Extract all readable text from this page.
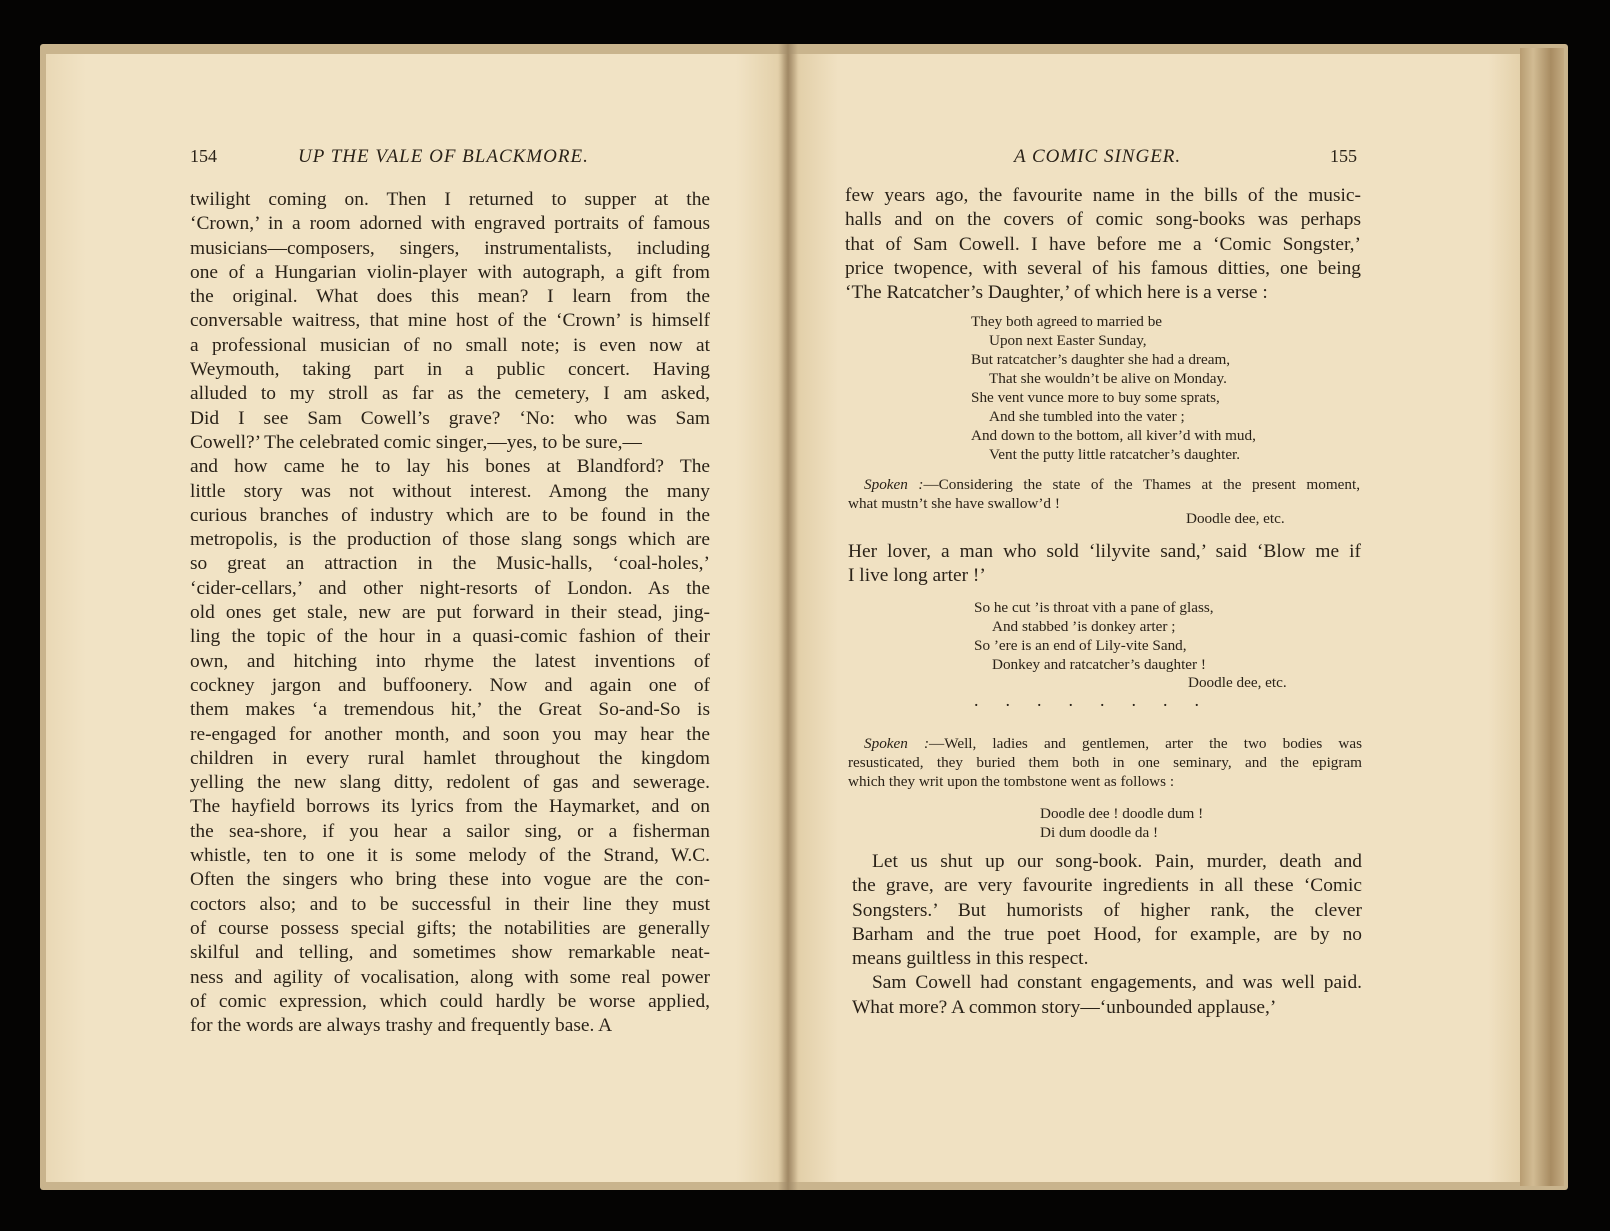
154	UP THE VALE OF BLACKMORE.
twilight coming on. Then I returned to supper at the
‘Crown,’ in a room adorned with engraved portraits of famous
musicians—composers, singers, instrumentalists, including
one of a Hungarian violin-player with autograph, a gift from
the original. What does this mean? I learn from the
conversable waitress, that mine host of the ‘Crown’ is himself
a professional musician of no small note; is even now at
Weymouth, taking part in a public concert. Having
alluded to my stroll as far as the cemetery, I am asked,
Did I see Sam Cowell’s grave? ‘No: who was Sam
Cowell?’ The celebrated comic singer,—yes, to be sure,—
and how came he to lay his bones at Blandford? The
little story was not without interest. Among the many
curious branches of industry which are to be found in the
metropolis, is the production of those slang songs which are
so great an attraction in the Music-halls, ‘coal-holes,’
‘cider-cellars,’ and other night-resorts of London. As the
old ones get stale, new are put forward in their stead, jing-
ling the topic of the hour in a quasi-comic fashion of their
own, and hitching into rhyme the latest inventions of
cockney jargon and buffoonery. Now and again one of
them makes ‘a tremendous hit,’ the Great So-and-So is
re-engaged for another month, and soon you may hear the
children in every rural hamlet throughout the kingdom
yelling the new slang ditty, redolent of gas and sewerage.
The hayfield borrows its lyrics from the Haymarket, and on
the sea-shore, if you hear a sailor sing, or a fisherman
whistle, ten to one it is some melody of the Strand, W.C.
Often the singers who bring these into vogue are the con-
coctors also; and to be successful in their line they must
of course possess special gifts; the notabilities are generally
skilful and telling, and sometimes show remarkable neat-
ness and agility of vocalisation, along with some real power
of comic expression, which could hardly be worse applied,
for the words are always trashy and frequently base. A
A COMIC SINGER.	155
few years ago, the favourite name in the bills of the music-
halls and on the covers of comic song-books was perhaps
that of Sam Cowell. I have before me a ‘Comic Songster,’
price twopence, with several of his famous ditties, one being
‘The Ratcatcher’s Daughter,’ of which here is a verse :
They both agreed to married be
Upon next Easter Sunday,
But ratcatcher’s daughter she had a dream,
That she wouldn’t be alive on Monday.
She vent vunce more to buy some sprats,
And she tumbled into the vater ;
And down to the bottom, all kiver’d with mud,
Vent the putty little ratcatcher’s daughter.
Spoken :—Considering the state of the Thames at the present moment,
what mustn’t she have swallow’d !
Doodle dee, etc.
Her lover, a man who sold ‘lilyvite sand,’ said ‘Blow me if
I live long arter !’
So he cut ’is throat vith a pane of glass,
And stabbed ’is donkey arter ;
So ’ere is an end of Lily-vite Sand,
Donkey and ratcatcher’s daughter !
Doodle dee, etc.
........
Spoken :—Well, ladies and gentlemen, arter the two bodies was
resusticated, they buried them both in one seminary, and the epigram
which they writ upon the tombstone went as follows :
Doodle dee ! doodle dum !
Di dum doodle da !
Let us shut up our song-book. Pain, murder, death and
the grave, are very favourite ingredients in all these ‘Comic
Songsters.’ But humorists of higher rank, the clever
Barham and the true poet Hood, for example, are by no
means guiltless in this respect.
Sam Cowell had constant engagements, and was well paid.
What more? A common story—‘unbounded applause,’
